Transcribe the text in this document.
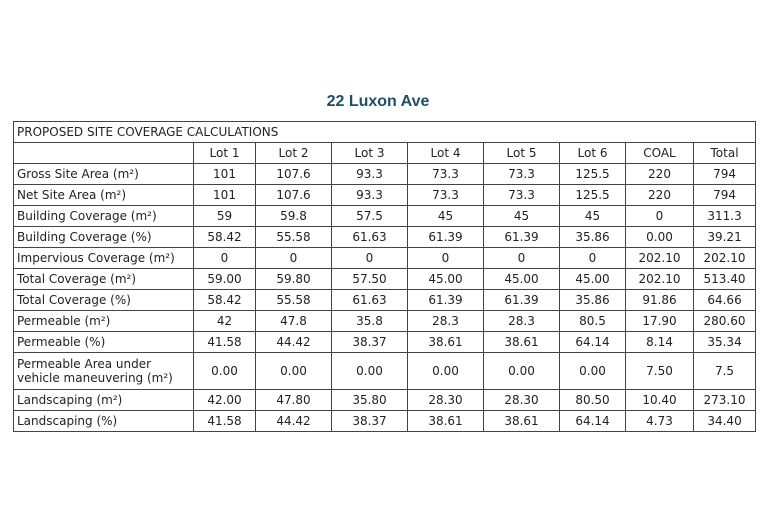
22 Luxon Ave
PROPOSED SITE COVERAGE CALCULATIONS								
	Lot 1	Lot 2	Lot 3	Lot 4	Lot 5	Lot 6	COAL	Total
Gross Site Area (m²)	101	107.6	93.3	73.3	73.3	125.5	220	794
Net Site Area (m²)	101	107.6	93.3	73.3	73.3	125.5	220	794
Building Coverage (m²)	59	59.8	57.5	45	45	45	0	311.3
Building Coverage (%)	58.42	55.58	61.63	61.39	61.39	35.86	0.00	39.21
Impervious Coverage (m²)	0	0	0	0	0	0	202.10	202.10
Total Coverage (m²)	59.00	59.80	57.50	45.00	45.00	45.00	202.10	513.40
Total Coverage (%)	58.42	55.58	61.63	61.39	61.39	35.86	91.86	64.66
Permeable (m²)	42	47.8	35.8	28.3	28.3	80.5	17.90	280.60
Permeable (%)	41.58	44.42	38.37	38.61	38.61	64.14	8.14	35.34
Permeable Area under vehicle maneuvering (m²)	0.00	0.00	0.00	0.00	0.00	0.00	7.50	7.5
Landscaping (m²)	42.00	47.80	35.80	28.30	28.30	80.50	10.40	273.10
Landscaping (%)	41.58	44.42	38.37	38.61	38.61	64.14	4.73	34.40
